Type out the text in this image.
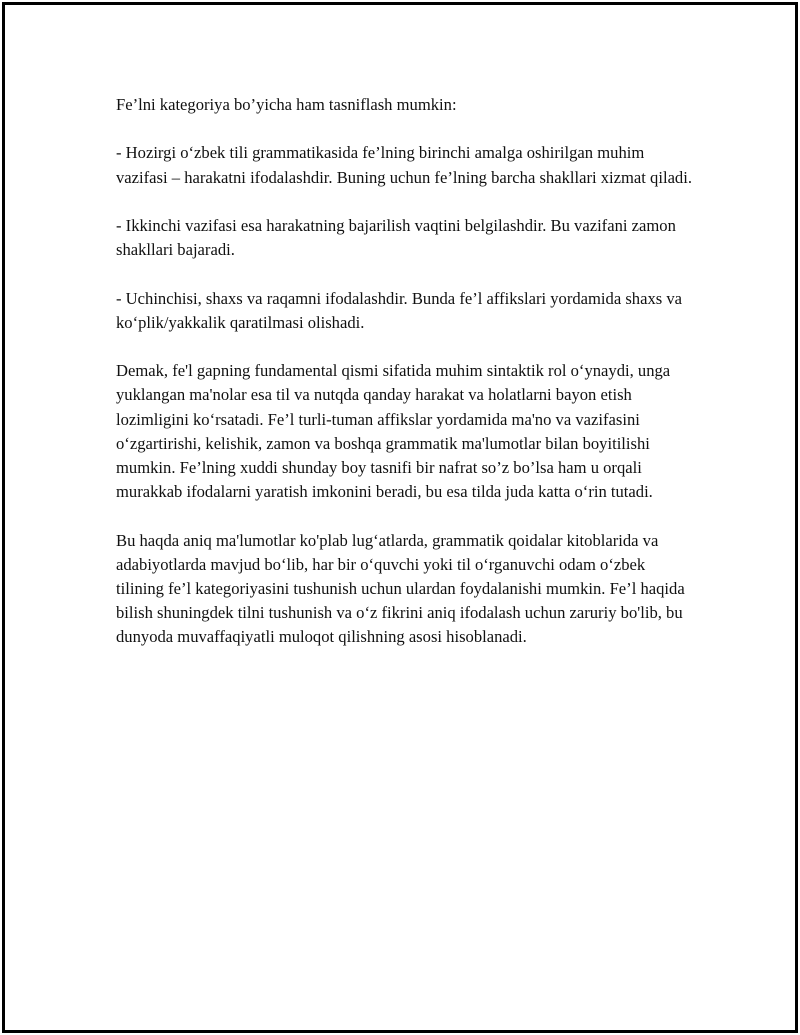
Fe’lni kategoriya bo’yicha ham tasniflash mumkin:

- Hozirgi o‘zbek tili grammatikasida fe’lning birinchi amalga oshirilgan muhim vazifasi – harakatni ifodalashdir. Buning uchun fe’lning barcha shakllari xizmat qiladi.

- Ikkinchi vazifasi esa harakatning bajarilish vaqtini belgilashdir. Bu vazifani zamon shakllari bajaradi.

- Uchinchisi, shaxs va raqamni ifodalashdir. Bunda fe’l affikslari yordamida shaxs va ko‘plik/yakkalik qaratilmasi olishadi.

Demak, fe'l gapning fundamental qismi sifatida muhim sintaktik rol o‘ynaydi, unga yuklangan ma'nolar esa til va nutqda qanday harakat va holatlarni bayon etish lozimligini ko‘rsatadi. Fe’l turli-tuman affikslar yordamida ma'no va vazifasini o‘zgartirishi, kelishik, zamon va boshqa grammatik ma'lumotlar bilan boyitilishi mumkin. Fe’lning xuddi shunday boy tasnifi bir nafrat so’z bo’lsa ham u orqali murakkab ifodalarni yaratish imkonini beradi, bu esa tilda juda katta o‘rin tutadi.

Bu haqda aniq ma'lumotlar ko'plab lug‘atlarda, grammatik qoidalar kitoblarida va adabiyotlarda mavjud bo‘lib, har bir o‘quvchi yoki til o‘rganuvchi odam o‘zbek tilining fe’l kategoriyasini tushunish uchun ulardan foydalanishi mumkin. Fe’l haqida bilish shuningdek tilni tushunish va o‘z fikrini aniq ifodalash uchun zaruriy bo'lib, bu dunyoda muvaffaqiyatli muloqot qilishning asosi hisoblanadi.
